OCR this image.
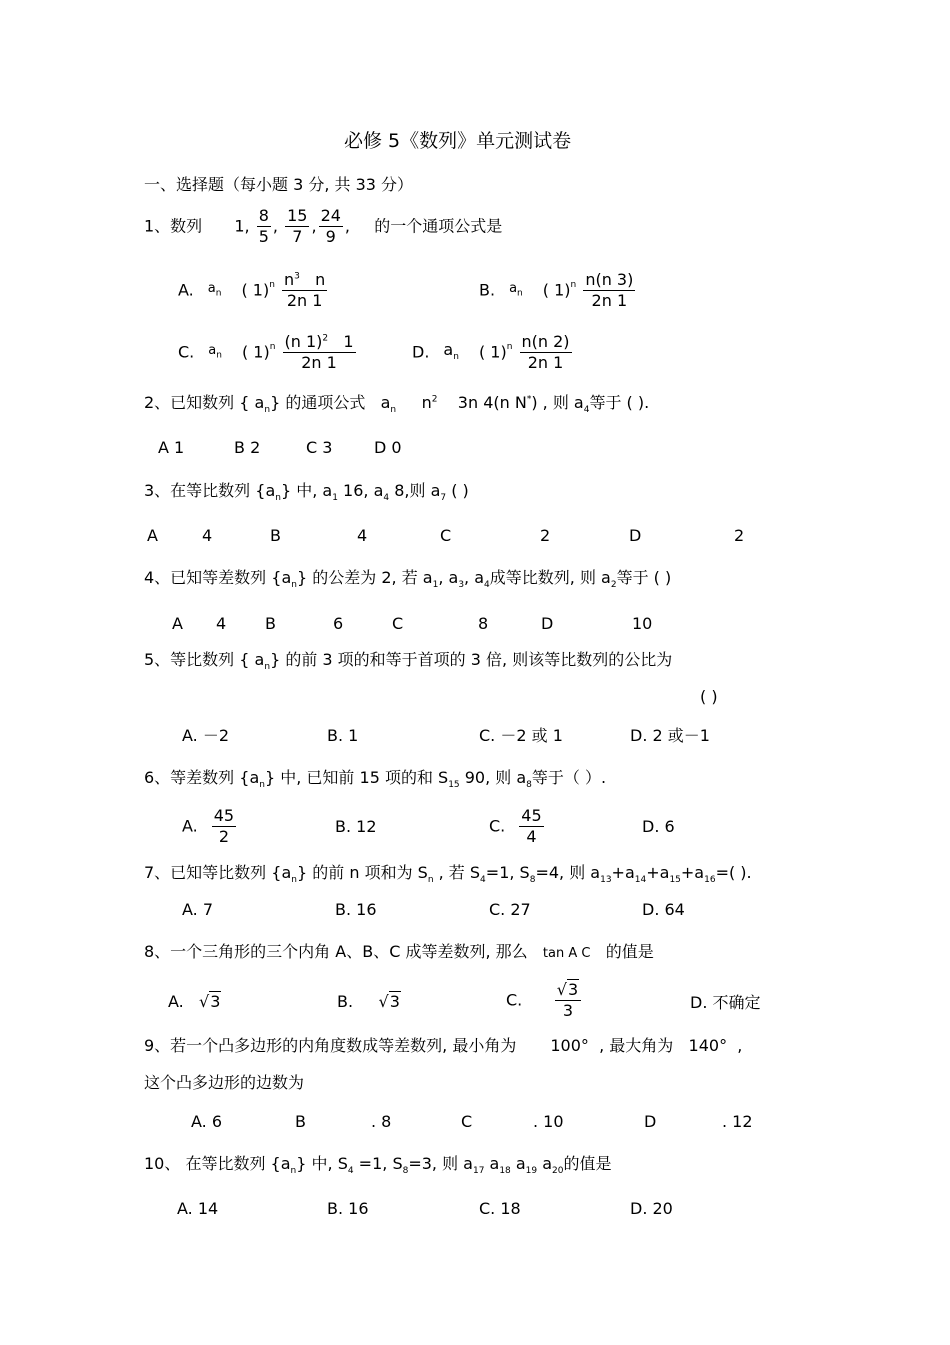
必修 5《数列》单元测试卷
一、选择题（每小题 3 分, 共 33 分）
1、数列 1, $\frac{8}{5}$ , $\frac{15}{7}$ , $\frac{24}{9}$ , 的一个通项公式是
A. $a_n$ ( $1)^n \frac{n^3 n}{2n 1}$	B. $a_n$ ( $1)^n \frac{n(n 3)}{2n 1}$
C. $a_n$ ( $1)^n \frac{(n 1)^2 1}{2n 1}$	D. $a_n$ ( $1)^n \frac{n(n 2)}{2n 1}$
2、已知数列 { $a_n$} 的通项公式 $a_n$ $n^2$ 3n 4(n N*) , 则 $a_4$等于 ( ).
A 1	B 2	C 3	D 0
3、在等比数列 $\{a_n\}$ 中, $a_1$ 16, $a_4$ 8,则 $a_7$ ( )
A	4	B	4	C	2	D	2
4、已知等差数列 $\{a_n\}$ 的公差为 2, 若 $a_1$, $a_3$, $a_4$成等比数列, 则 $a_2$等于 ( )
A 4 B	6	C	8	D	10
5、等比数列 { $a_n$} 的前 3 项的和等于首项的 3 倍, 则该等比数列的公比为
( )
A. －2	B. 1	C. －2 或 1	D. 2 或－1
6、等差数列 $\{a_n\}$ 中, 已知前 15 项的和 $S_{15}$ 90, 则 $a_8$等于（ ）.
A. $\frac{45}{2}$	B. 12	C. $\frac{45}{4}$	D. 6
7、已知等比数列 $\{a_n\}$ 的前 n 项和为 $S_n$ , 若 $S_4=1$, $S_8=4$, 则 $a_{13}+a_{14}+a_{15}+a_{16}=$( ).
A. 7	B. 16	C. 27	D. 64
8、一个三角形的三个内角 A、B、C 成等差数列, 那么 tan A C 的值是
A. √3	B. √3	C. $\frac{√3}{3}$	D. 不确定
9、若一个凸多边形的内角度数成等差数列, 最小角为 100° , 最大角为 140° ,
这个凸多边形的边数为
A. 6	B	. 8	C	. 10	D	. 12
10、 在等比数列 $\{a_n\}$ 中, $S_4 =1$, $S_8=3$, 则 $a_{17}$ $a_{18}$ $a_{19}$ $a_{20}$的值是
A. 14	B. 16	C. 18	D. 20
